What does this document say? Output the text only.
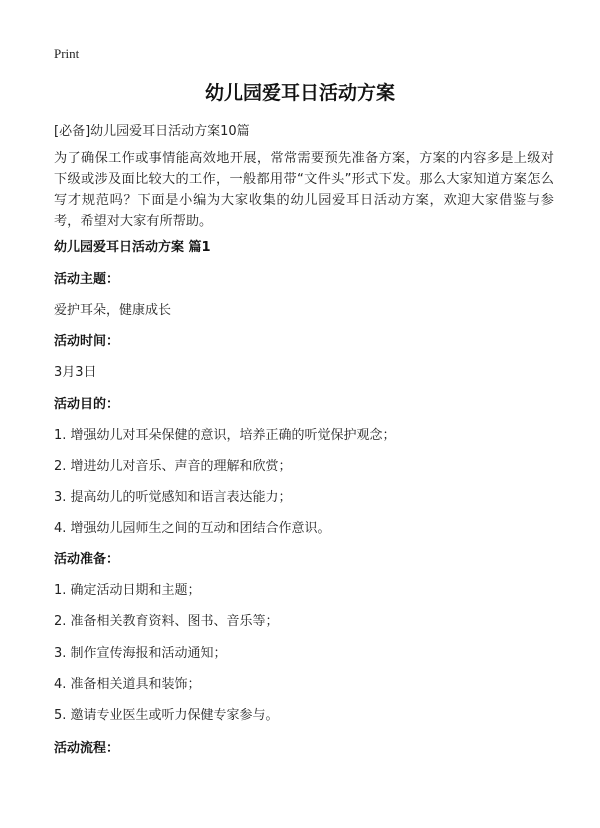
Print
幼儿园爱耳日活动方案
[必备]幼儿园爱耳日活动方案10篇
为了确保工作或事情能高效地开展，常常需要预先准备方案，方案的内容多是上级对下级或涉及面比较大的工作，一般都用带“文件头”形式下发。那么大家知道方案怎么写才规范吗？下面是小编为大家收集的幼儿园爱耳日活动方案，欢迎大家借鉴与参考，希望对大家有所帮助。
幼儿园爱耳日活动方案 篇1
活动主题：
爱护耳朵，健康成长
活动时间：
3月3日
活动目的：
1. 增强幼儿对耳朵保健的意识，培养正确的听觉保护观念；
2. 增进幼儿对音乐、声音的理解和欣赏；
3. 提高幼儿的听觉感知和语言表达能力；
4. 增强幼儿园师生之间的互动和团结合作意识。
活动准备：
1. 确定活动日期和主题；
2. 准备相关教育资料、图书、音乐等；
3. 制作宣传海报和活动通知；
4. 准备相关道具和装饰；
5. 邀请专业医生或听力保健专家参与。
活动流程：
